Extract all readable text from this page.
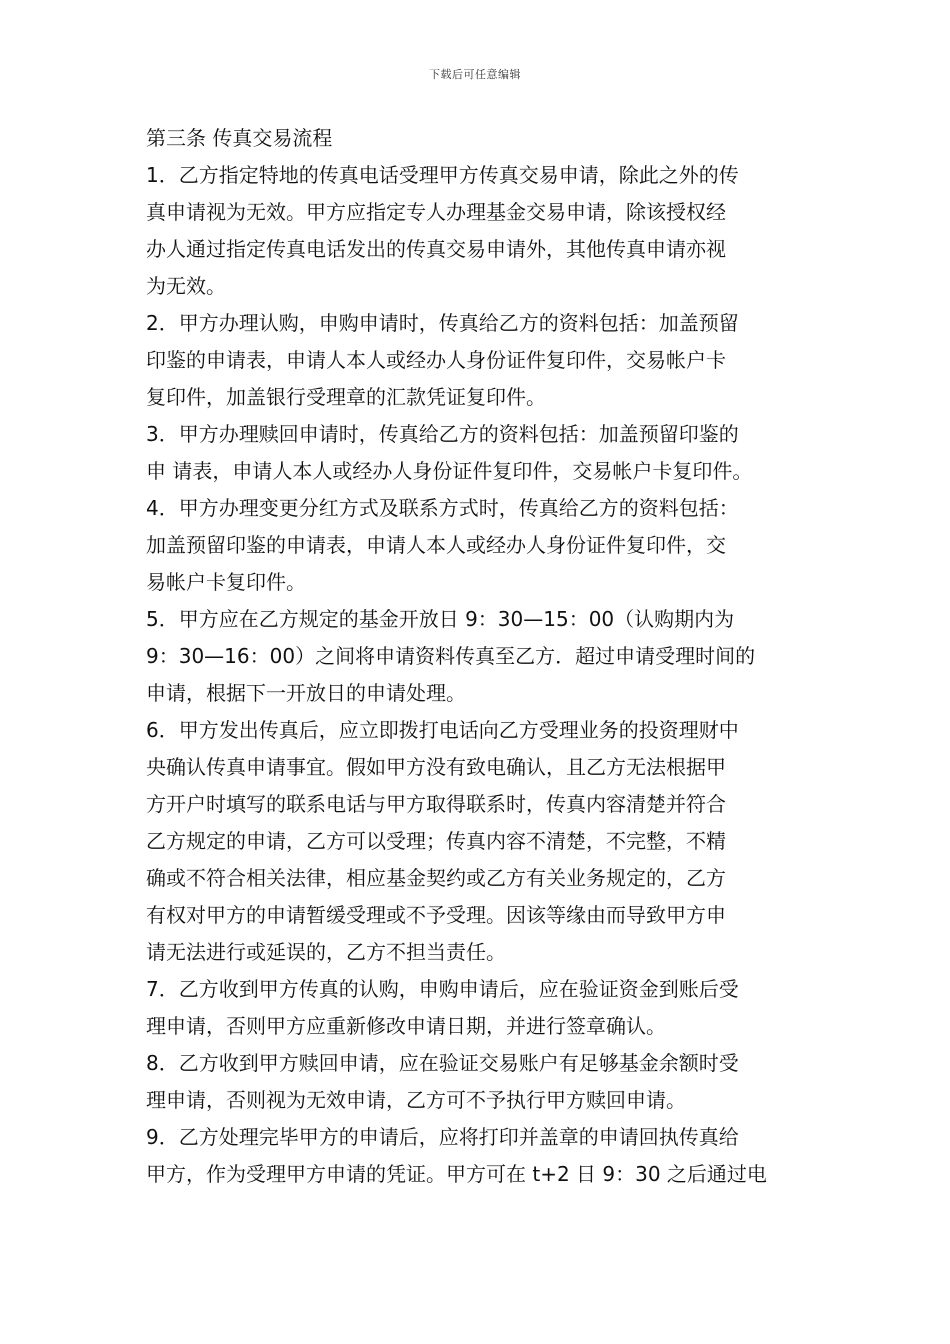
下载后可任意编辑
第三条 传真交易流程
1．乙方指定特地的传真电话受理甲方传真交易申请，除此之外的传
真申请视为无效。甲方应指定专人办理基金交易申请，除该授权经
办人通过指定传真电话发出的传真交易申请外，其他传真申请亦视
为无效。
2．甲方办理认购，申购申请时，传真给乙方的资料包括：加盖预留
印鉴的申请表，申请人本人或经办人身份证件复印件，交易帐户卡
复印件，加盖银行受理章的汇款凭证复印件。
3．甲方办理赎回申请时，传真给乙方的资料包括：加盖预留印鉴的
申 请表，申请人本人或经办人身份证件复印件，交易帐户卡复印件。
4．甲方办理变更分红方式及联系方式时，传真给乙方的资料包括：
加盖预留印鉴的申请表，申请人本人或经办人身份证件复印件，交
易帐户卡复印件。
5．甲方应在乙方规定的基金开放日 9：30—15：00（认购期内为
9：30—16：00）之间将申请资料传真至乙方．超过申请受理时间的
申请，根据下一开放日的申请处理。
6．甲方发出传真后，应立即拨打电话向乙方受理业务的投资理财中
央确认传真申请事宜。假如甲方没有致电确认，且乙方无法根据甲
方开户时填写的联系电话与甲方取得联系时，传真内容清楚并符合
乙方规定的申请，乙方可以受理；传真内容不清楚，不完整，不精
确或不符合相关法律，相应基金契约或乙方有关业务规定的，乙方
有权对甲方的申请暂缓受理或不予受理。因该等缘由而导致甲方申
请无法进行或延误的，乙方不担当责任。
7．乙方收到甲方传真的认购，申购申请后，应在验证资金到账后受
理申请，否则甲方应重新修改申请日期，并进行签章确认。
8．乙方收到甲方赎回申请，应在验证交易账户有足够基金余额时受
理申请，否则视为无效申请，乙方可不予执行甲方赎回申请。
9．乙方处理完毕甲方的申请后，应将打印并盖章的申请回执传真给
甲方，作为受理甲方申请的凭证。甲方可在 t+2 日 9：30 之后通过电
